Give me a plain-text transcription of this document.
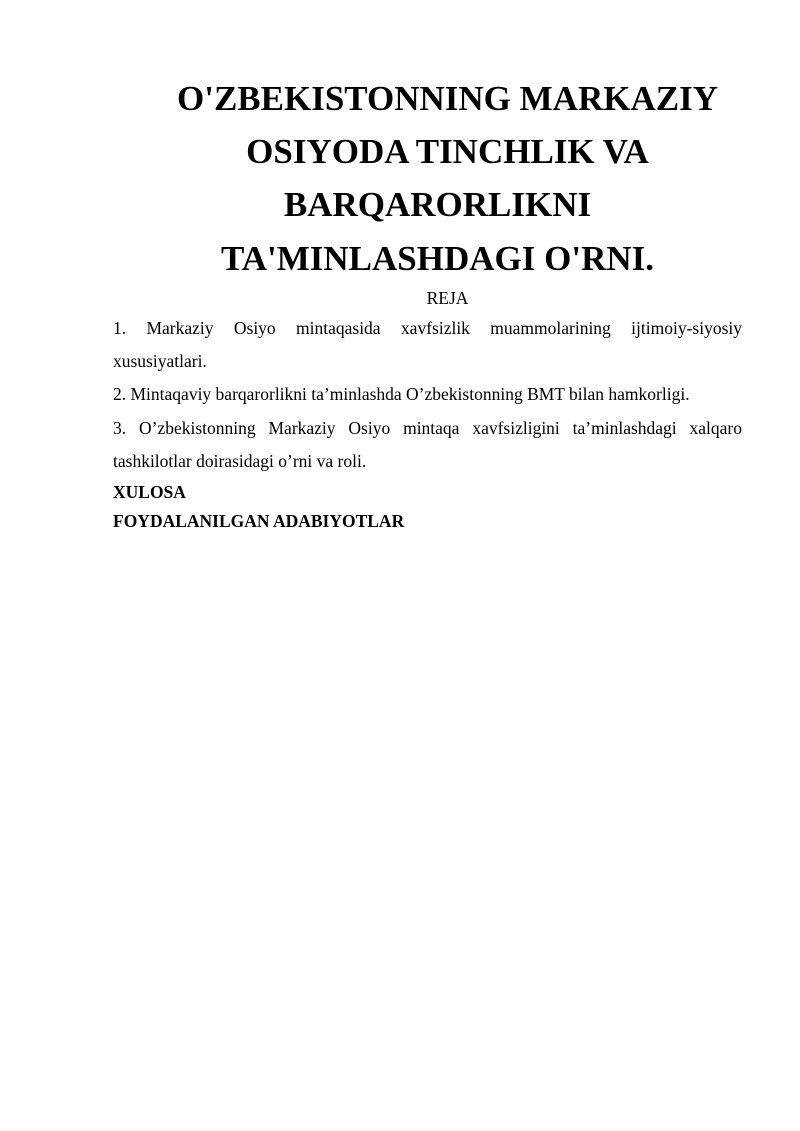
O'ZBEKISTONNING MARKAZIY OSIYODA TINCHLIK VA
BARQARORLIKNI TA'MINLASHDAGI O'RNI.

REJA

1. Markaziy Osiyo mintaqasida xavfsizlik muammolarining ijtimoiy-siyosiy xususiyatlari.

2. Mintaqaviy barqarorlikni ta’minlashda O’zbekistonning BMT bilan hamkorligi.

3. O’zbekistonning Markaziy Osiyo mintaqa xavfsizligini ta’minlashdagi xalqaro tashkilotlar doirasidagi o’rni va roli.

XULOSA

FOYDALANILGAN ADABIYOTLAR
